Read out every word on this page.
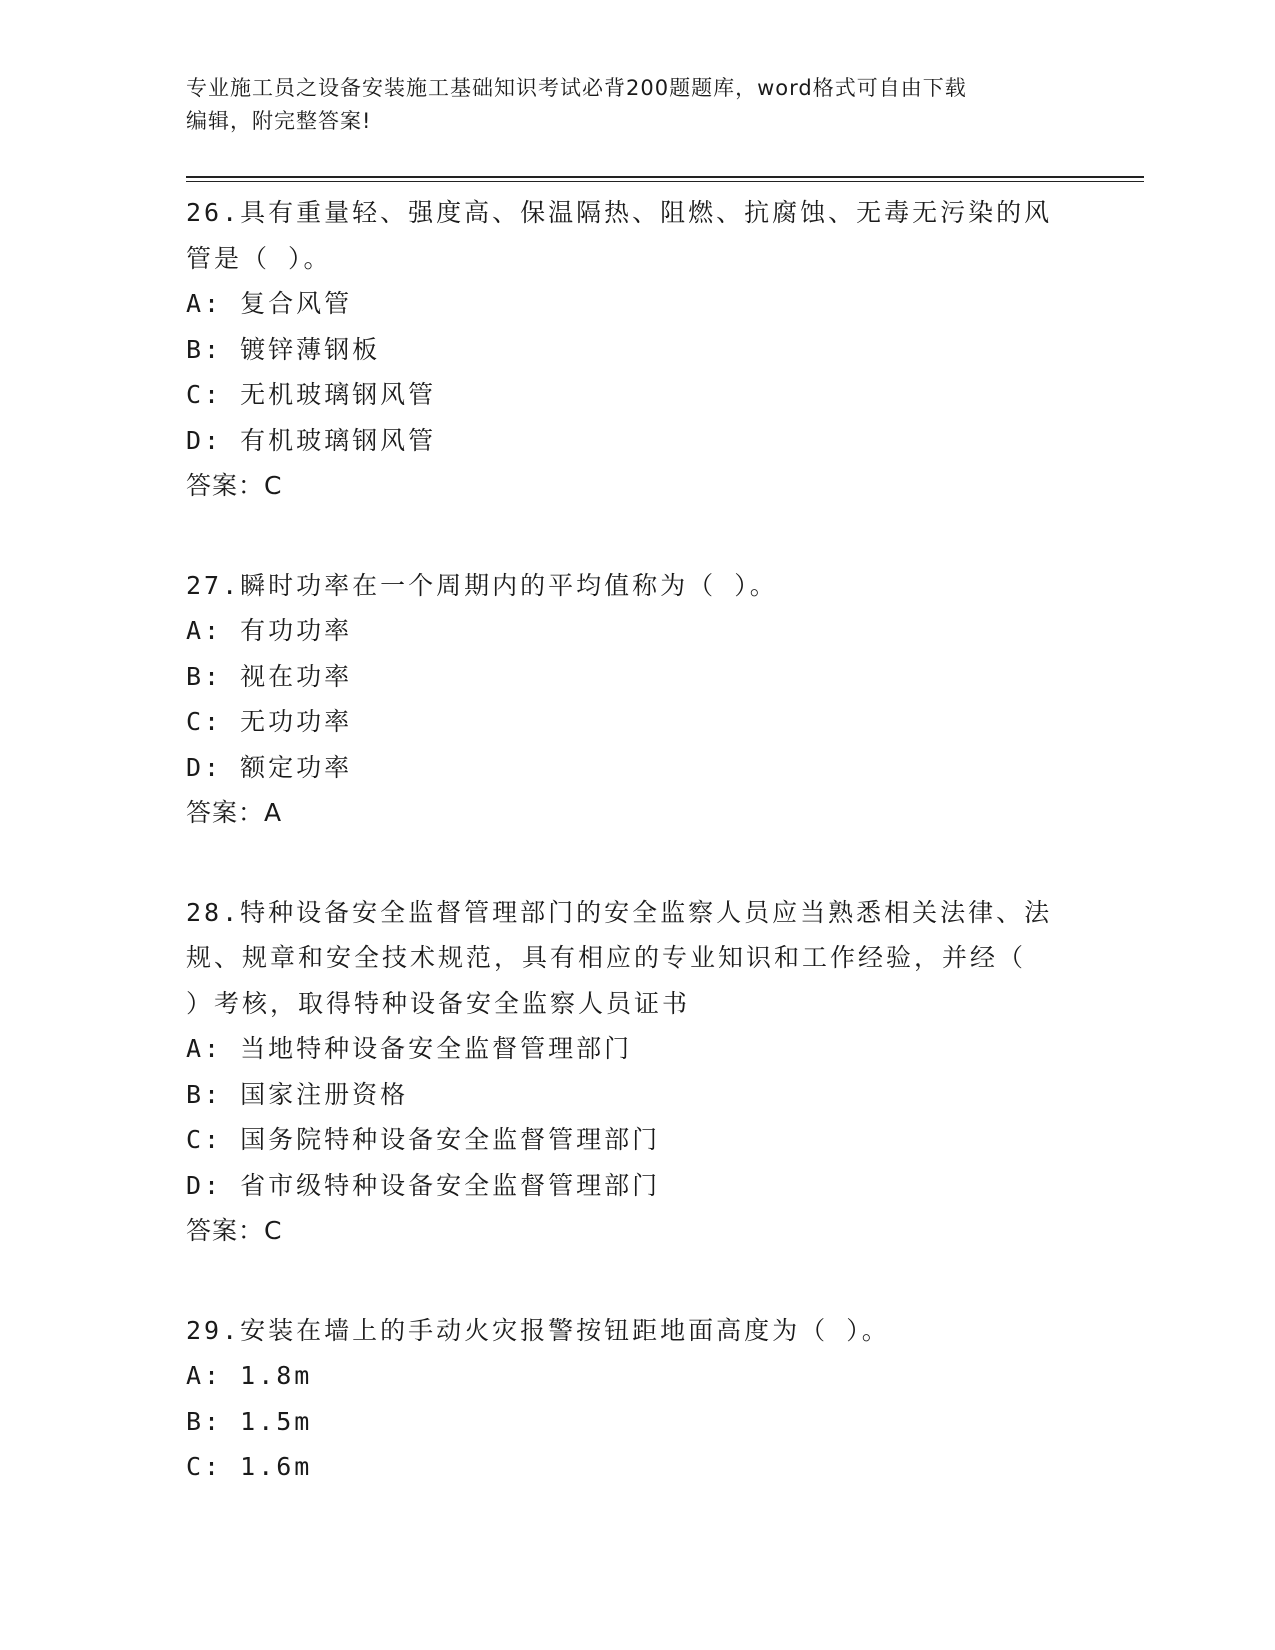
专业施工员之设备安装施工基础知识考试必背200题题库，word格式可自由下载
编辑，附完整答案!
26.具有重量轻、强度高、保温隔热、阻燃、抗腐蚀、无毒无污染的风
管是（ ）。
A: 复合风管
B: 镀锌薄钢板
C: 无机玻璃钢风管
D: 有机玻璃钢风管
答案：C
27.瞬时功率在一个周期内的平均值称为（ ）。
A: 有功功率
B: 视在功率
C: 无功功率
D: 额定功率
答案：A
28.特种设备安全监督管理部门的安全监察人员应当熟悉相关法律、法
规、规章和安全技术规范，具有相应的专业知识和工作经验，并经（
）考核，取得特种设备安全监察人员证书
A: 当地特种设备安全监督管理部门
B: 国家注册资格
C: 国务院特种设备安全监督管理部门
D: 省市级特种设备安全监督管理部门
答案：C
29.安装在墙上的手动火灾报警按钮距地面高度为（ ）。
A: 1.8m
B: 1.5m
C: 1.6m
